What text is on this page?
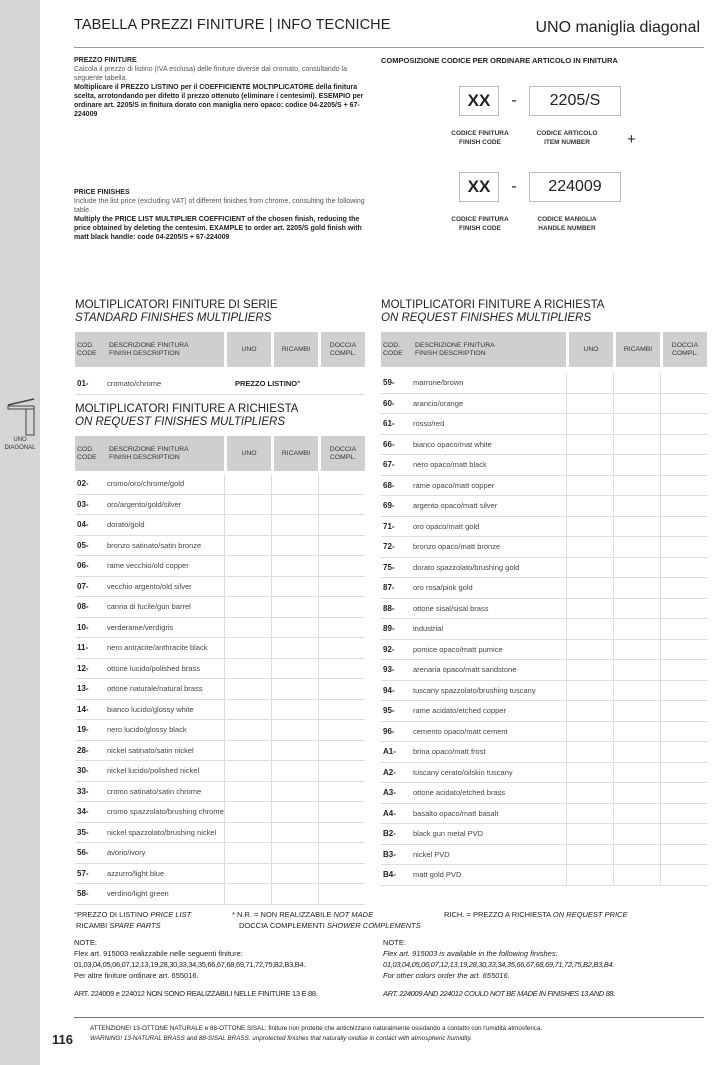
UNO
DIAGONAL
TABELLA PREZZI FINITURE | INFO TECNICHE	UNO maniglia diagonal
PREZZO FINITURE
Calcola il prezzo di listino (IVA esclusa) delle finiture diverse dal cromato, consultando la seguente tabella.
Moltiplicare il PREZZO LISTINO per il COEFFICIENTE MOLTIPLICATORE della finitura scelta, arrotondando per difetto il prezzo ottenuto (eliminare i centesimi). ESEMPIO per ordinare art. 2205/S in finitura dorato con maniglia nero opaco: codice 04-2205/S + 67-224009
PRICE FINISHES
Include the list price (excluding VAT) of different finishes from chrome, consulting the following table.
Multiply the PRICE LIST MULTIPLIER COEFFICIENT of the chosen finish, reducing the price obtained by deleting the centesim. EXAMPLE to order art. 2205/S gold finish with matt black handle: code 04-2205/S + 67-224009
COMPOSIZIONE CODICE PER ORDINARE ARTICOLO IN FINITURA
XX	-	2205/S
CODICE FINITURA
FINISH CODE
CODICE ARTICOLO
ITEM NUMBER	+
XX	-	224009
CODICE FINITURA
FINISH CODE
CODICE MANIGLIA
HANDLE NUMBER
MOLTIPLICATORI FINITURE DI SERIE
STANDARD FINISHES MULTIPLIERS
COD.
CODE
DESCRIZIONE FINITURA
FINISH DESCRIPTION
UNO	RICAMBI
DOCCIA
COMPL.
01-	cromato/chrome	PREZZO LISTINO°
MOLTIPLICATORI FINITURE A RICHIESTA
ON REQUEST FINISHES MULTIPLIERS
COD.
CODE
DESCRIZIONE FINITURA
FINISH DESCRIPTION
UNO	RICAMBI
DOCCIA
COMPL.
02-	cromo/oro/chrome/gold
03-	oro/argento/gold/silver
04-	dorato/gold
05-	bronzo satinato/satin bronze
06-	rame vecchio/old copper
07-	vecchio argento/old silver
08-	canna di fucile/gun barrel
10-	verderame/verdigris
11-	nero antracite/anthracite black
12-	ottone lucido/polished brass
13-	ottone naturale/natural brass
14-	bianco lucido/glossy white
19-	nero lucido/glossy black
28-	nickel satinato/satin nickel
30-	nickel lucido/polished nickel
33-	cromo satinato/satin chrome
34-	cromo spazzolato/brushing chrome
35-	nickel spazzolato/brushing nickel
56-	avorio/ivory
57-	azzurro/light blue
58-	verdino/light green
MOLTIPLICATORI FINITURE A RICHIESTA
ON REQUEST FINISHES MULTIPLIERS
COD.
CODE
DESCRIZIONE FINITURA
FINISH DESCRIPTION
UNO	RICAMBI
DOCCIA
COMPL.
59-	marrone/brown
60-	arancio/orange
61-	rosso/red
66-	bianco opaco/mat white
67-	nero opaco/matt black
68-	rame opaco/matt copper
69-	argento opaco/matt silver
71-	oro opaco/matt gold
72-	bronzo opaco/matt bronze
75-	dorato spazzolato/brushing gold
87-	oro rosa/pink gold
88-	ottone sisal/sisal brass
89-	industrial
92-	pomice opaco/matt pumice
93-	arenaria opaco/matt sandstone
94-	tuscany spazzolato/brushing tuscany
95-	rame acidato/etched copper
96-	cemento opaco/matt cement
A1-	brina opaco/matt frost
A2-	tuscany cerato/oilskin tuscany
A3-	ottone acidato/etched brass
A4-	basalto opaco/matt basalt
B2-	black gun metal PVD
B3-	nickel PVD
B4-	matt gold PVD
°PREZZO DI LISTINO PRICE LIST	* N.R. = NON REALIZZABILE NOT MADE	RICH. = PREZZO A RICHIESTA ON REQUEST PRICE
RICAMBI SPARE PARTS	DOCCIA COMPLEMENTI SHOWER COMPLEMENTS
NOTE:
Flex art. 915003 realizzabile nelle seguenti finiture:
01,03,04,05,06,07,12,13,19,28,30,33,34,35,66,67,68,69,71,72,75,B2,B3,B4.
Per altre finiture ordinare art. 655016.
ART. 224009 e 224012 NON SONO REALIZZABILI NELLE FINITURE 13 E 88.
NOTE:
Flex art. 915003 is available in the following finishes:
01,03,04,05,06,07,12,13,19,28,30,33,34,35,66,67,68,69,71,72,75,B2,B3,B4.
For other colors order the art. 655016.
ART. 224009 AND 224012 COULD NOT BE MADE IN FINISHES 13 AND 88.
116
ATTENZIONE! 13-OTTONE NATURALE e 88-OTTONE SISAL: finiture non protette che antichizzano naturalmente ossidando a contatto con l'umidità atmosferica.
WARNING! 13-NATURAL BRASS and 88-SISAL BRASS: unprotected finishes that naturally oxidise in contact with atmospheric humidity.
